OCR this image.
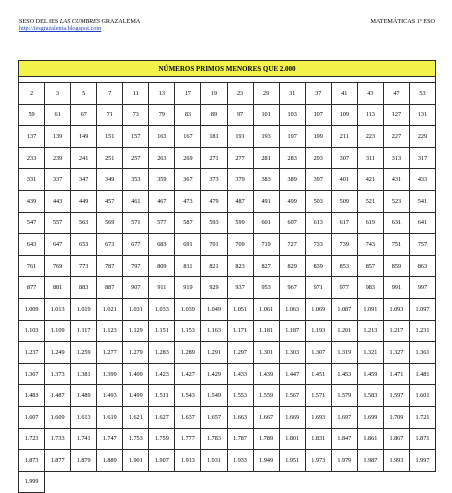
SESO DEL IES LAS CUMBRES GRAZALEMA
http://iesgrazalema.blogspot.com
MATEMÁTICAS 1º ESO
NÚMEROS PRIMOS MENORES QUE 2.000															

2	3	5	7	11	13	17	19	23	29	31	37	41	43	47	53
59	61	67	71	73	79	83	89	97	101	103	107	109	113	127	131
137	139	149	151	157	163	167	181	191	193	197	199	211	223	227	229
233	239	241	251	257	263	269	271	277	281	283	293	307	311	313	317
331	337	347	349	353	359	367	373	379	383	389	397	401	421	431	433
439	443	449	457	461	467	473	479	487	491	499	503	509	521	523	541
547	557	563	569	571	577	587	593	599	601	607	613	617	619	631	641
643	647	653	673	677	683	691	701	709	719	727	733	739	743	751	757
761	769	773	787	797	809	811	821	823	827	829	839	853	857	859	863
877	881	883	887	907	911	919	929	937	953	967	971	977	983	991	997
1.009	1.013	1.019	1.021	1.031	1.033	1.039	1.049	1.051	1.061	1.063	1.069	1.087	1.091	1.093	1.097
1.103	1.109	1.117	1.123	1.129	1.151	1.153	1.163	1.171	1.181	1.187	1.193	1.201	1.213	1.217	1.231
1.237	1.249	1.259	1.277	1.279	1.283	1.289	1.291	1.297	1.301	1.303	1.307	1.319	1.321	1.327	1.361
1.367	1.373	1.381	1.399	1.409	1.423	1.427	1.429	1.433	1.439	1.447	1.451	1.453	1.459	1.471	1.481
1.483	1.487	1.489	1.493	1.499	1.511	1.543	1.549	1.553	1.559	1.567	1.571	1.579	1.583	1.597	1.601
1.607	1.609	1.613	1.619	1.621	1.627	1.637	1.657	1.663	1.667	1.669	1.693	1.697	1.699	1.709	1.721
1.723	1.733	1.741	1.747	1.753	1.759	1.777	1.783	1.787	1.789	1.801	1.831	1.847	1.861	1.867	1.871
1.873	1.877	1.879	1.889	1.901	1.907	1.913	1.931	1.933	1.949	1.951	1.973	1.979	1.987	1.993	1.997
1.999															
